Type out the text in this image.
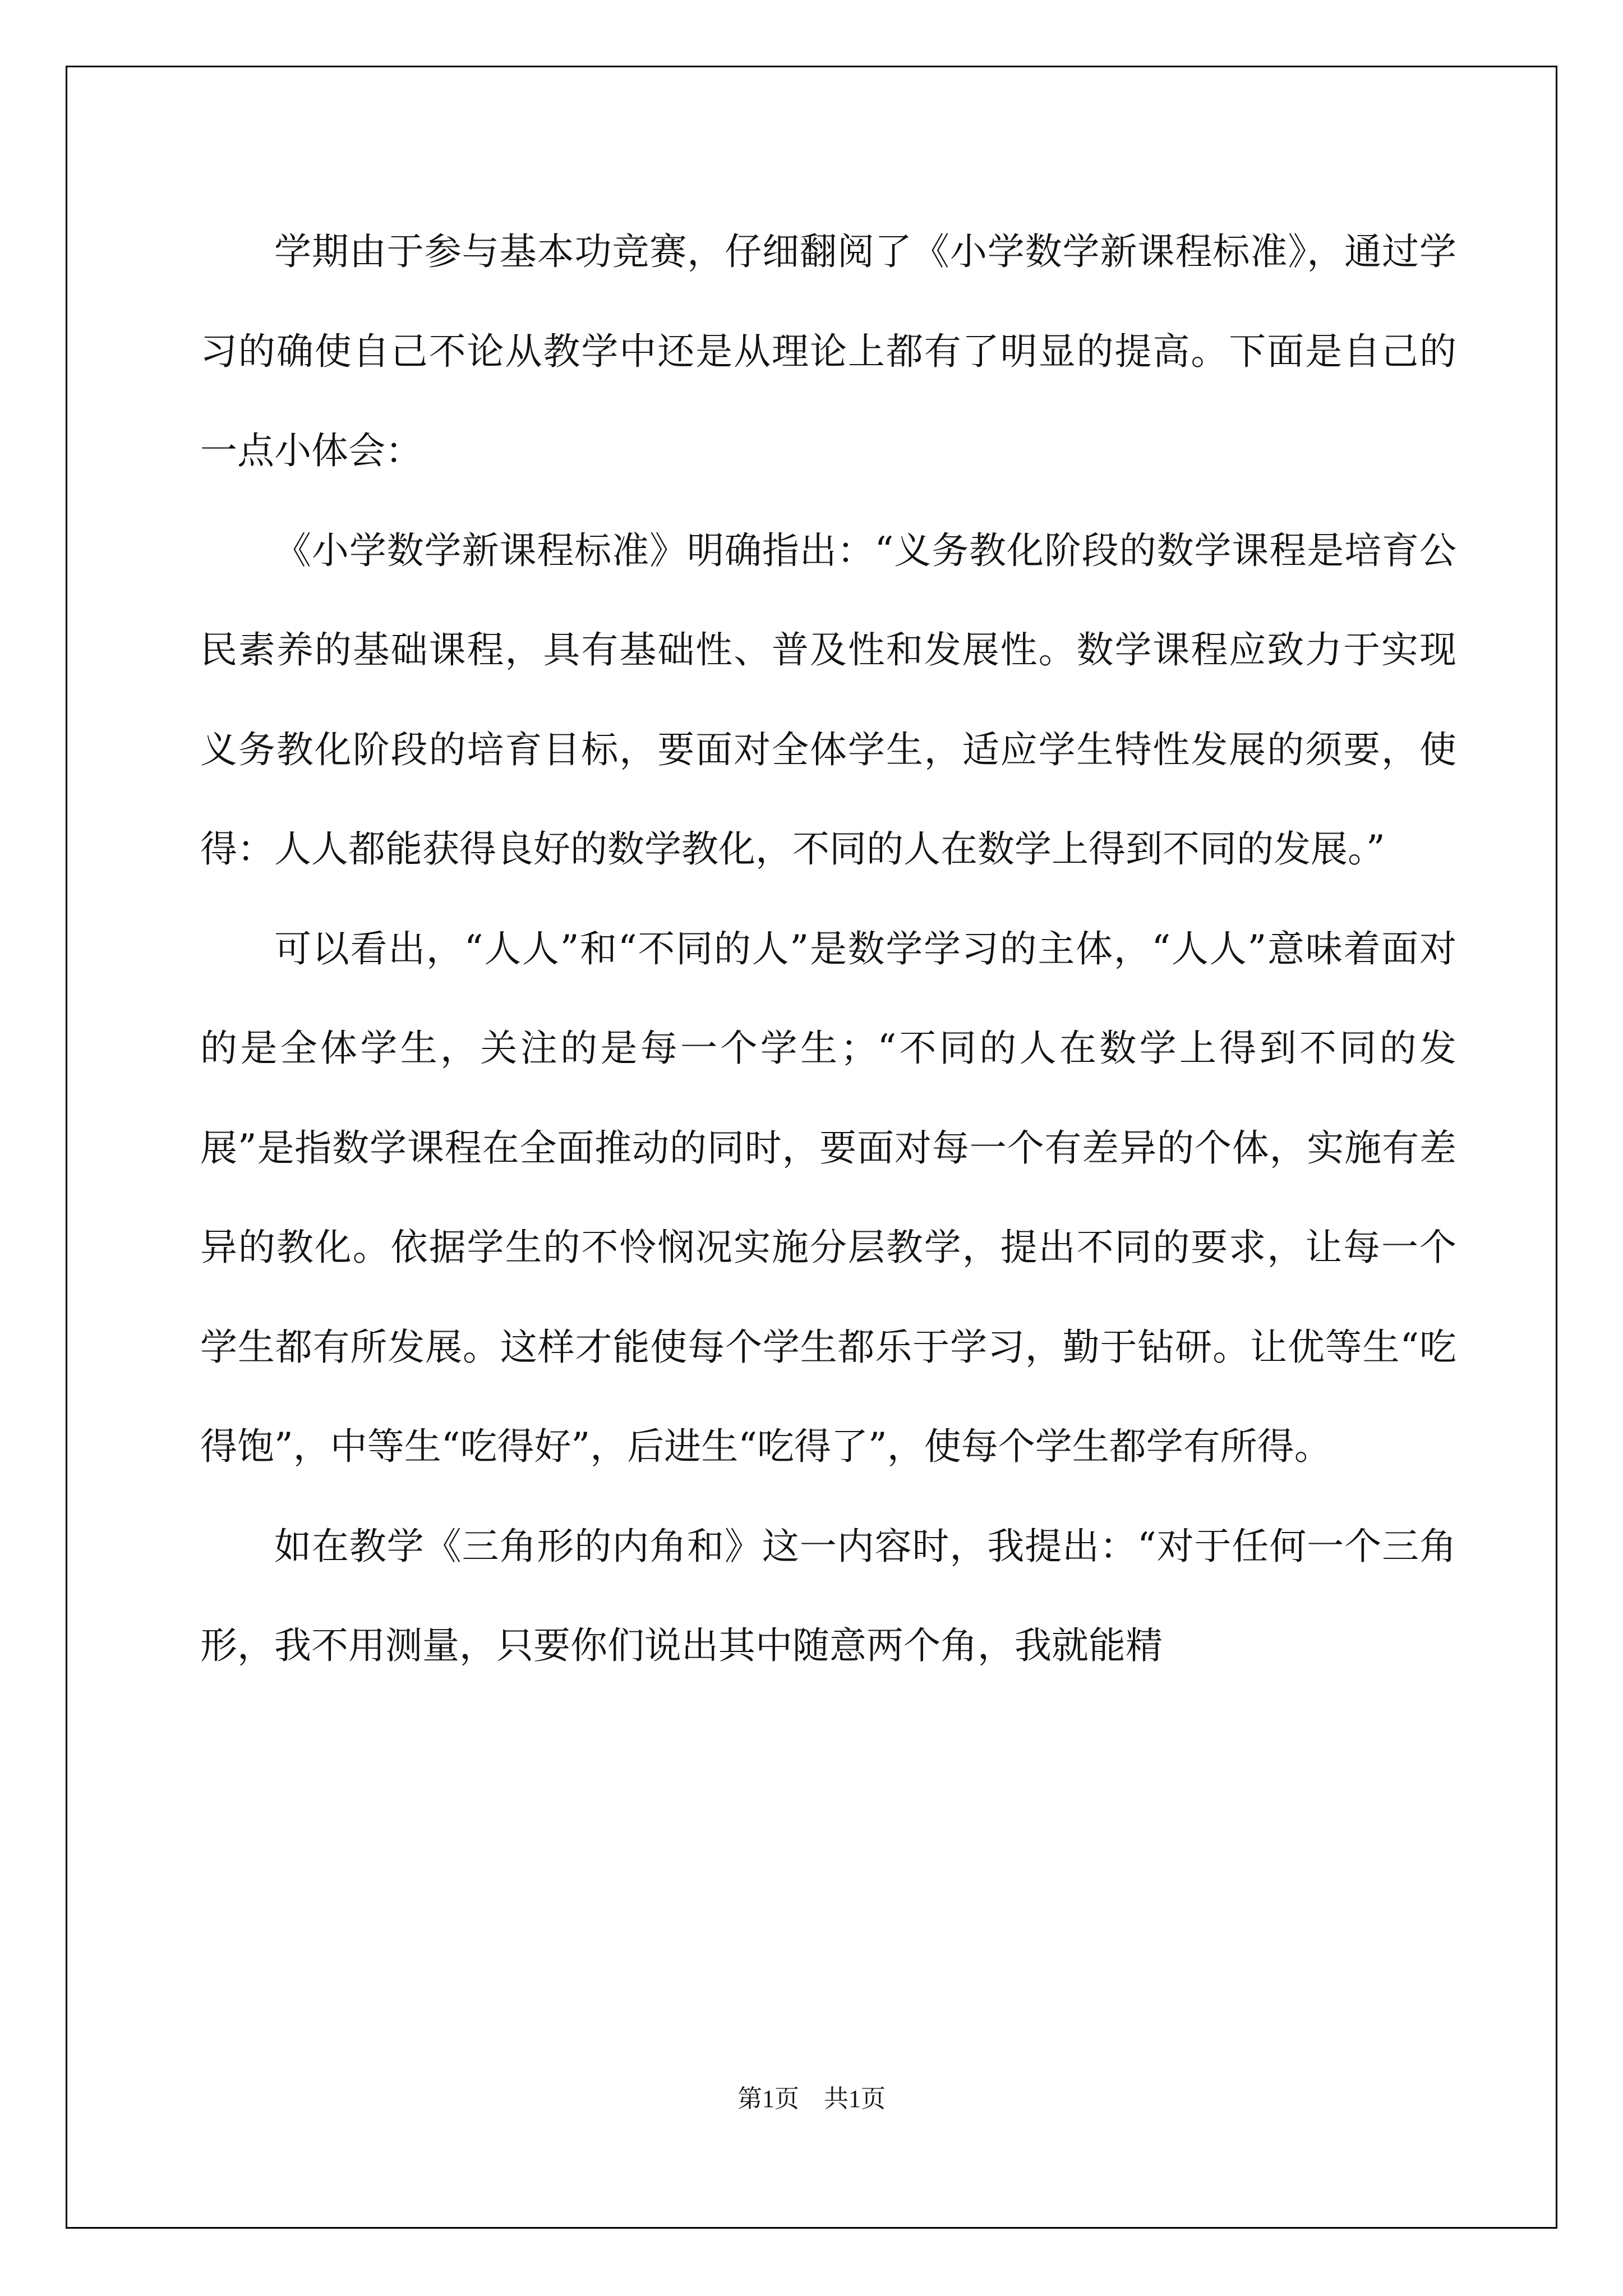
学期由于参与基本功竞赛，仔细翻阅了《小学数学新课程标准》，通过学习的确使自己不论从教学中还是从理论上都有了明显的提高。下面是自己的一点小体会：

《小学数学新课程标准》明确指出：“义务教化阶段的数学课程是培育公民素养的基础课程，具有基础性、普及性和发展性。数学课程应致力于实现义务教化阶段的培育目标，要面对全体学生，适应学生特性发展的须要，使得：人人都能获得良好的数学教化，不同的人在数学上得到不同的发展。”

可以看出，“人人”和“不同的人”是数学学习的主体，“人人”意味着面对的是全体学生，关注的是每一个学生；“不同的人在数学上得到不同的发展”是指数学课程在全面推动的同时，要面对每一个有差异的个体，实施有差异的教化。依据学生的不怜悯况实施分层教学，提出不同的要求，让每一个学生都有所发展。这样才能使每个学生都乐于学习，勤于钻研。让优等生“吃得饱”，中等生“吃得好”，后进生“吃得了”，使每个学生都学有所得。

如在教学《三角形的内角和》这一内容时，我提出：“对于任何一个三角形，我不用测量，只要你们说出其中随意两个角，我就能精

第1页　共1页
